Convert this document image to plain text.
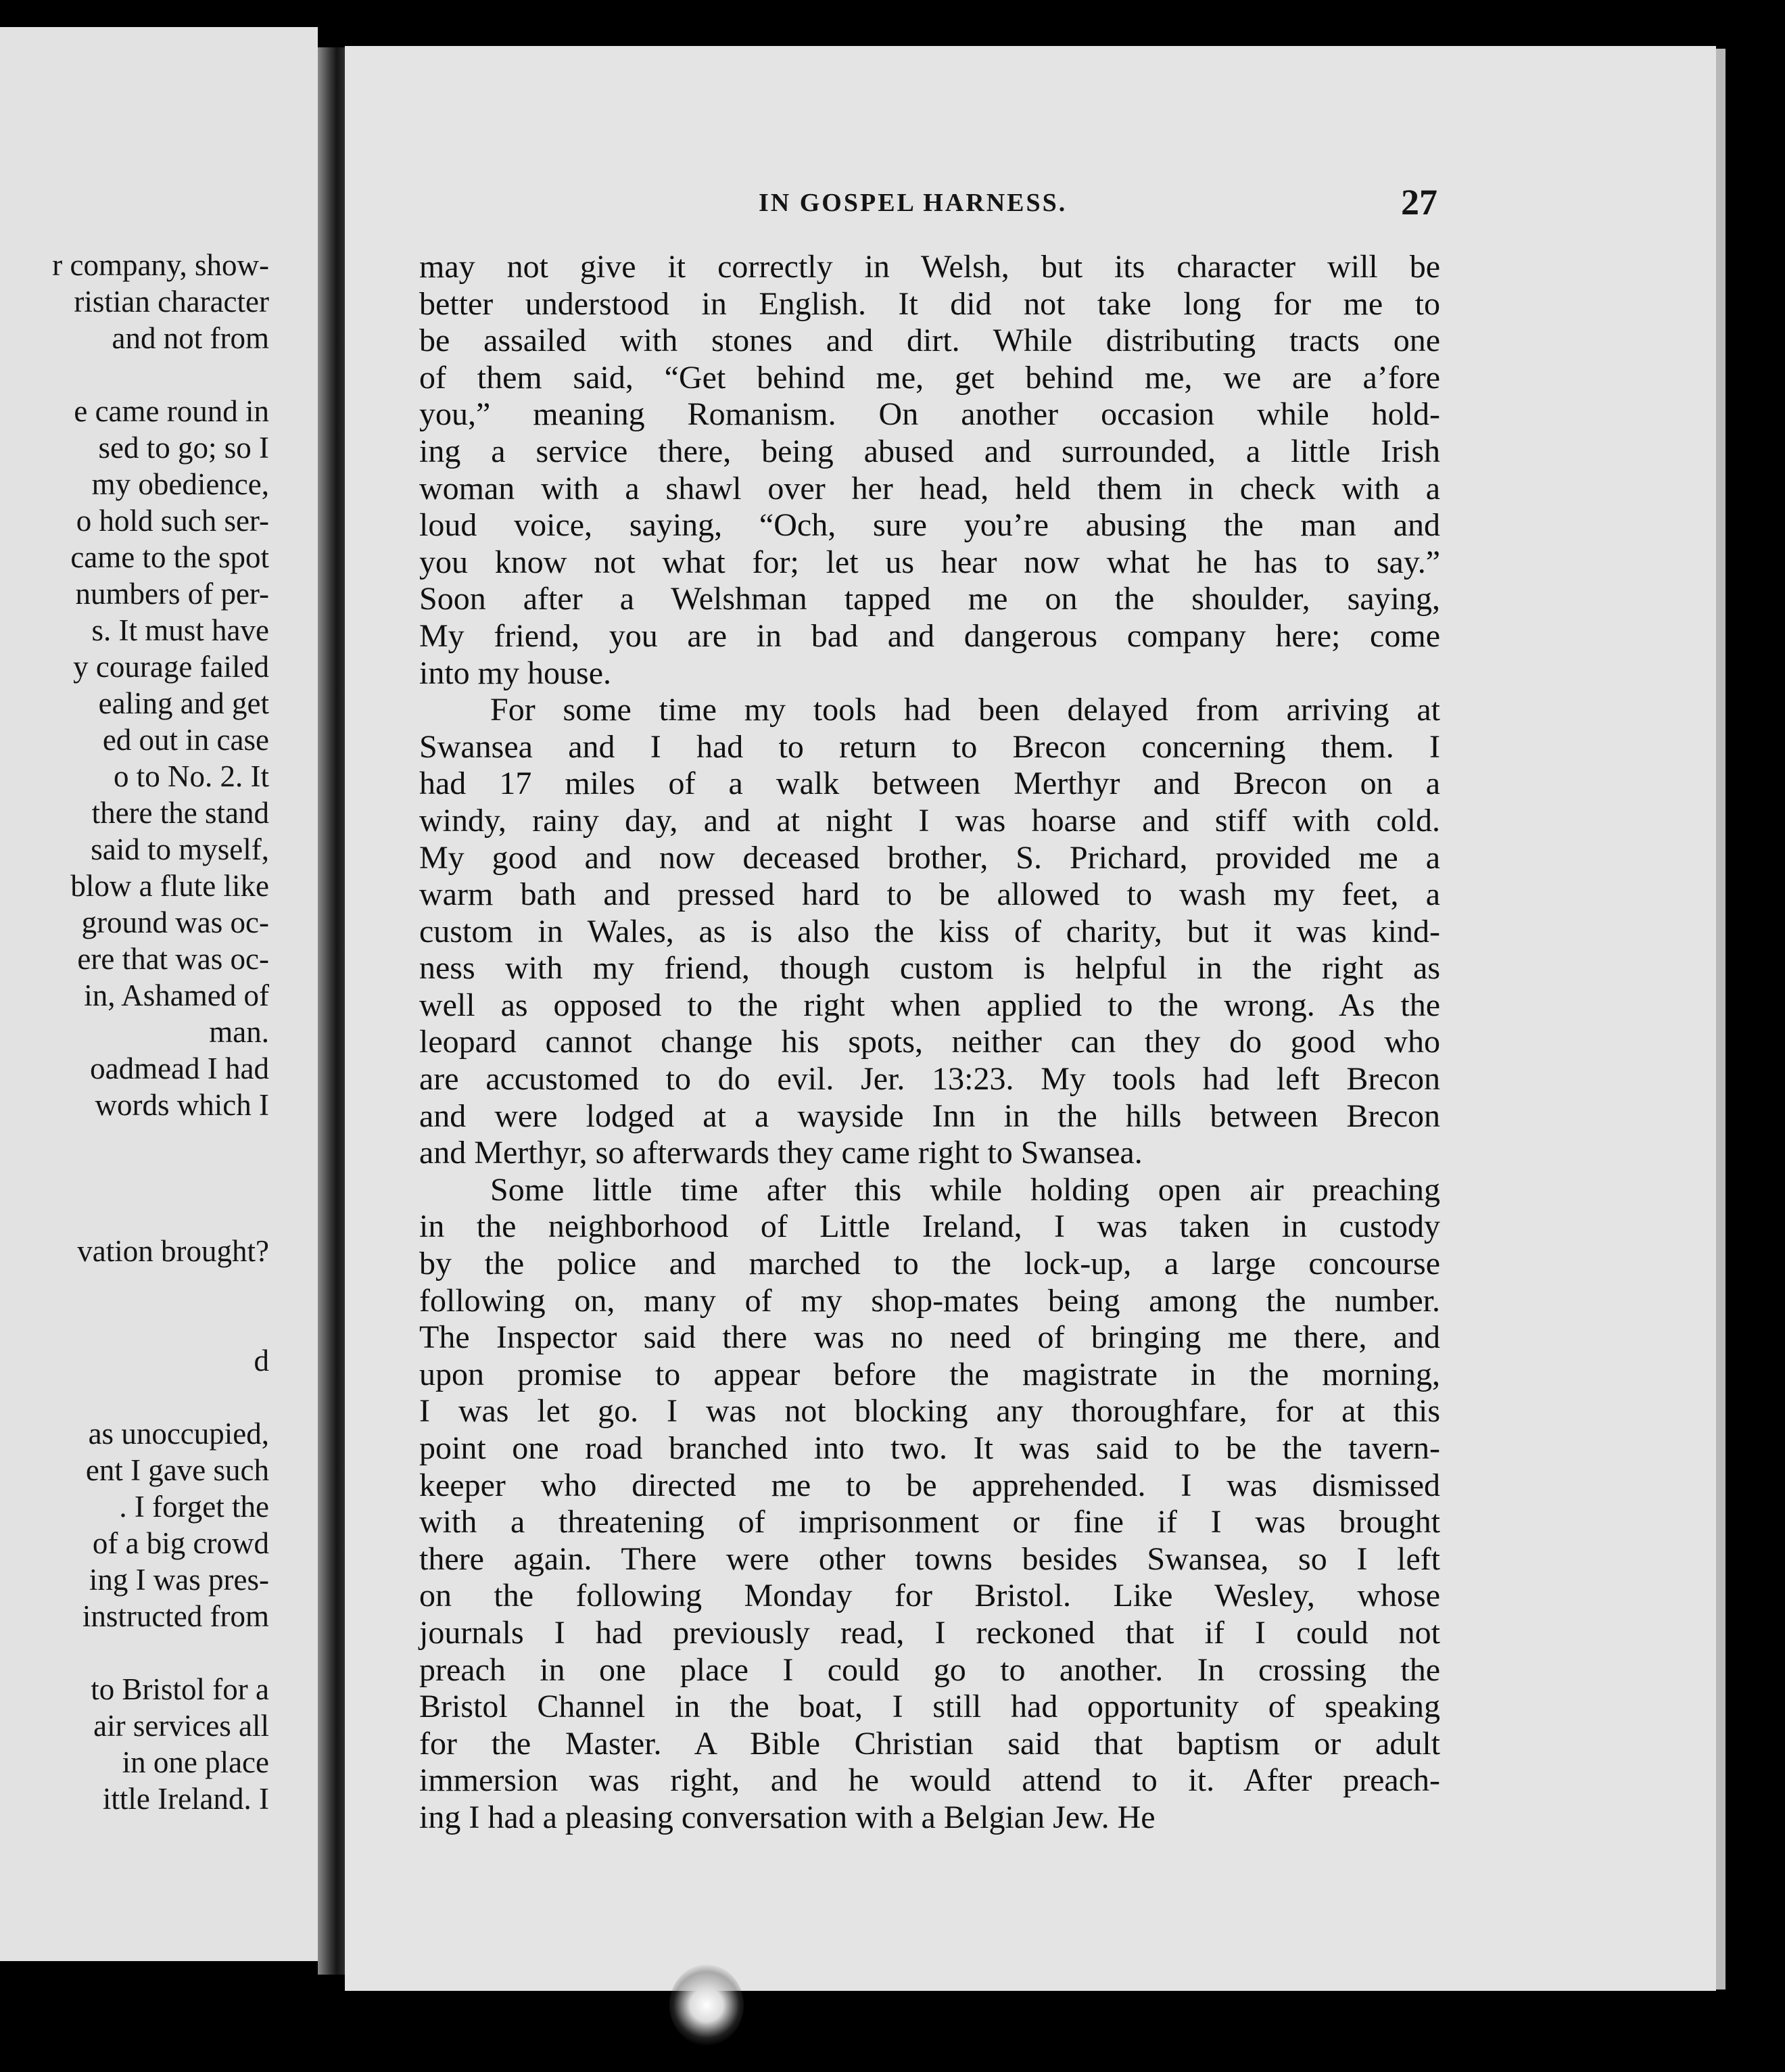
r company, show-
ristian character
and not from
e came round in
sed to go; so I
my obedience,
o hold such ser-
came to the spot
numbers of per-
s. It must have
y courage failed
ealing and get
ed out in case
o to No. 2. It
there the stand
said to myself,
blow a flute like
ground was oc-
ere that was oc-
in, Ashamed of
man.
oadmead I had
words which I
vation brought?
d
as unoccupied,
ent I gave such
. I forget the
of a big crowd
ing I was pres-
instructed from
to Bristol for a
air services all
in one place
ittle Ireland. I
IN GOSPEL HARNESS.	27
may not give it correctly in Welsh, but its character will be
better understood in English. It did not take long for me to
be assailed with stones and dirt. While distributing tracts one
of them said, “Get behind me, get behind me, we are a’fore
you,” meaning Romanism. On another occasion while hold-
ing a service there, being abused and surrounded, a little Irish
woman with a shawl over her head, held them in check with a
loud voice, saying, “Och, sure you’re abusing the man and
you know not what for; let us hear now what he has to say.”
Soon after a Welshman tapped me on the shoulder, saying,
My friend, you are in bad and dangerous company here; come
into my house.
For some time my tools had been delayed from arriving at
Swansea and I had to return to Brecon concerning them. I
had 17 miles of a walk between Merthyr and Brecon on a
windy, rainy day, and at night I was hoarse and stiff with cold.
My good and now deceased brother, S. Prichard, provided me a
warm bath and pressed hard to be allowed to wash my feet, a
custom in Wales, as is also the kiss of charity, but it was kind-
ness with my friend, though custom is helpful in the right as
well as opposed to the right when applied to the wrong. As the
leopard cannot change his spots, neither can they do good who
are accustomed to do evil. Jer. 13:23. My tools had left Brecon
and were lodged at a wayside Inn in the hills between Brecon
and Merthyr, so afterwards they came right to Swansea.
Some little time after this while holding open air preaching
in the neighborhood of Little Ireland, I was taken in custody
by the police and marched to the lock-up, a large concourse
following on, many of my shop-mates being among the number.
The Inspector said there was no need of bringing me there, and
upon promise to appear before the magistrate in the morning,
I was let go. I was not blocking any thoroughfare, for at this
point one road branched into two. It was said to be the tavern-
keeper who directed me to be apprehended. I was dismissed
with a threatening of imprisonment or fine if I was brought
there again. There were other towns besides Swansea, so I left
on the following Monday for Bristol. Like Wesley, whose
journals I had previously read, I reckoned that if I could not
preach in one place I could go to another. In crossing the
Bristol Channel in the boat, I still had opportunity of speaking
for the Master. A Bible Christian said that baptism or adult
immersion was right, and he would attend to it. After preach-
ing I had a pleasing conversation with a Belgian Jew. He
